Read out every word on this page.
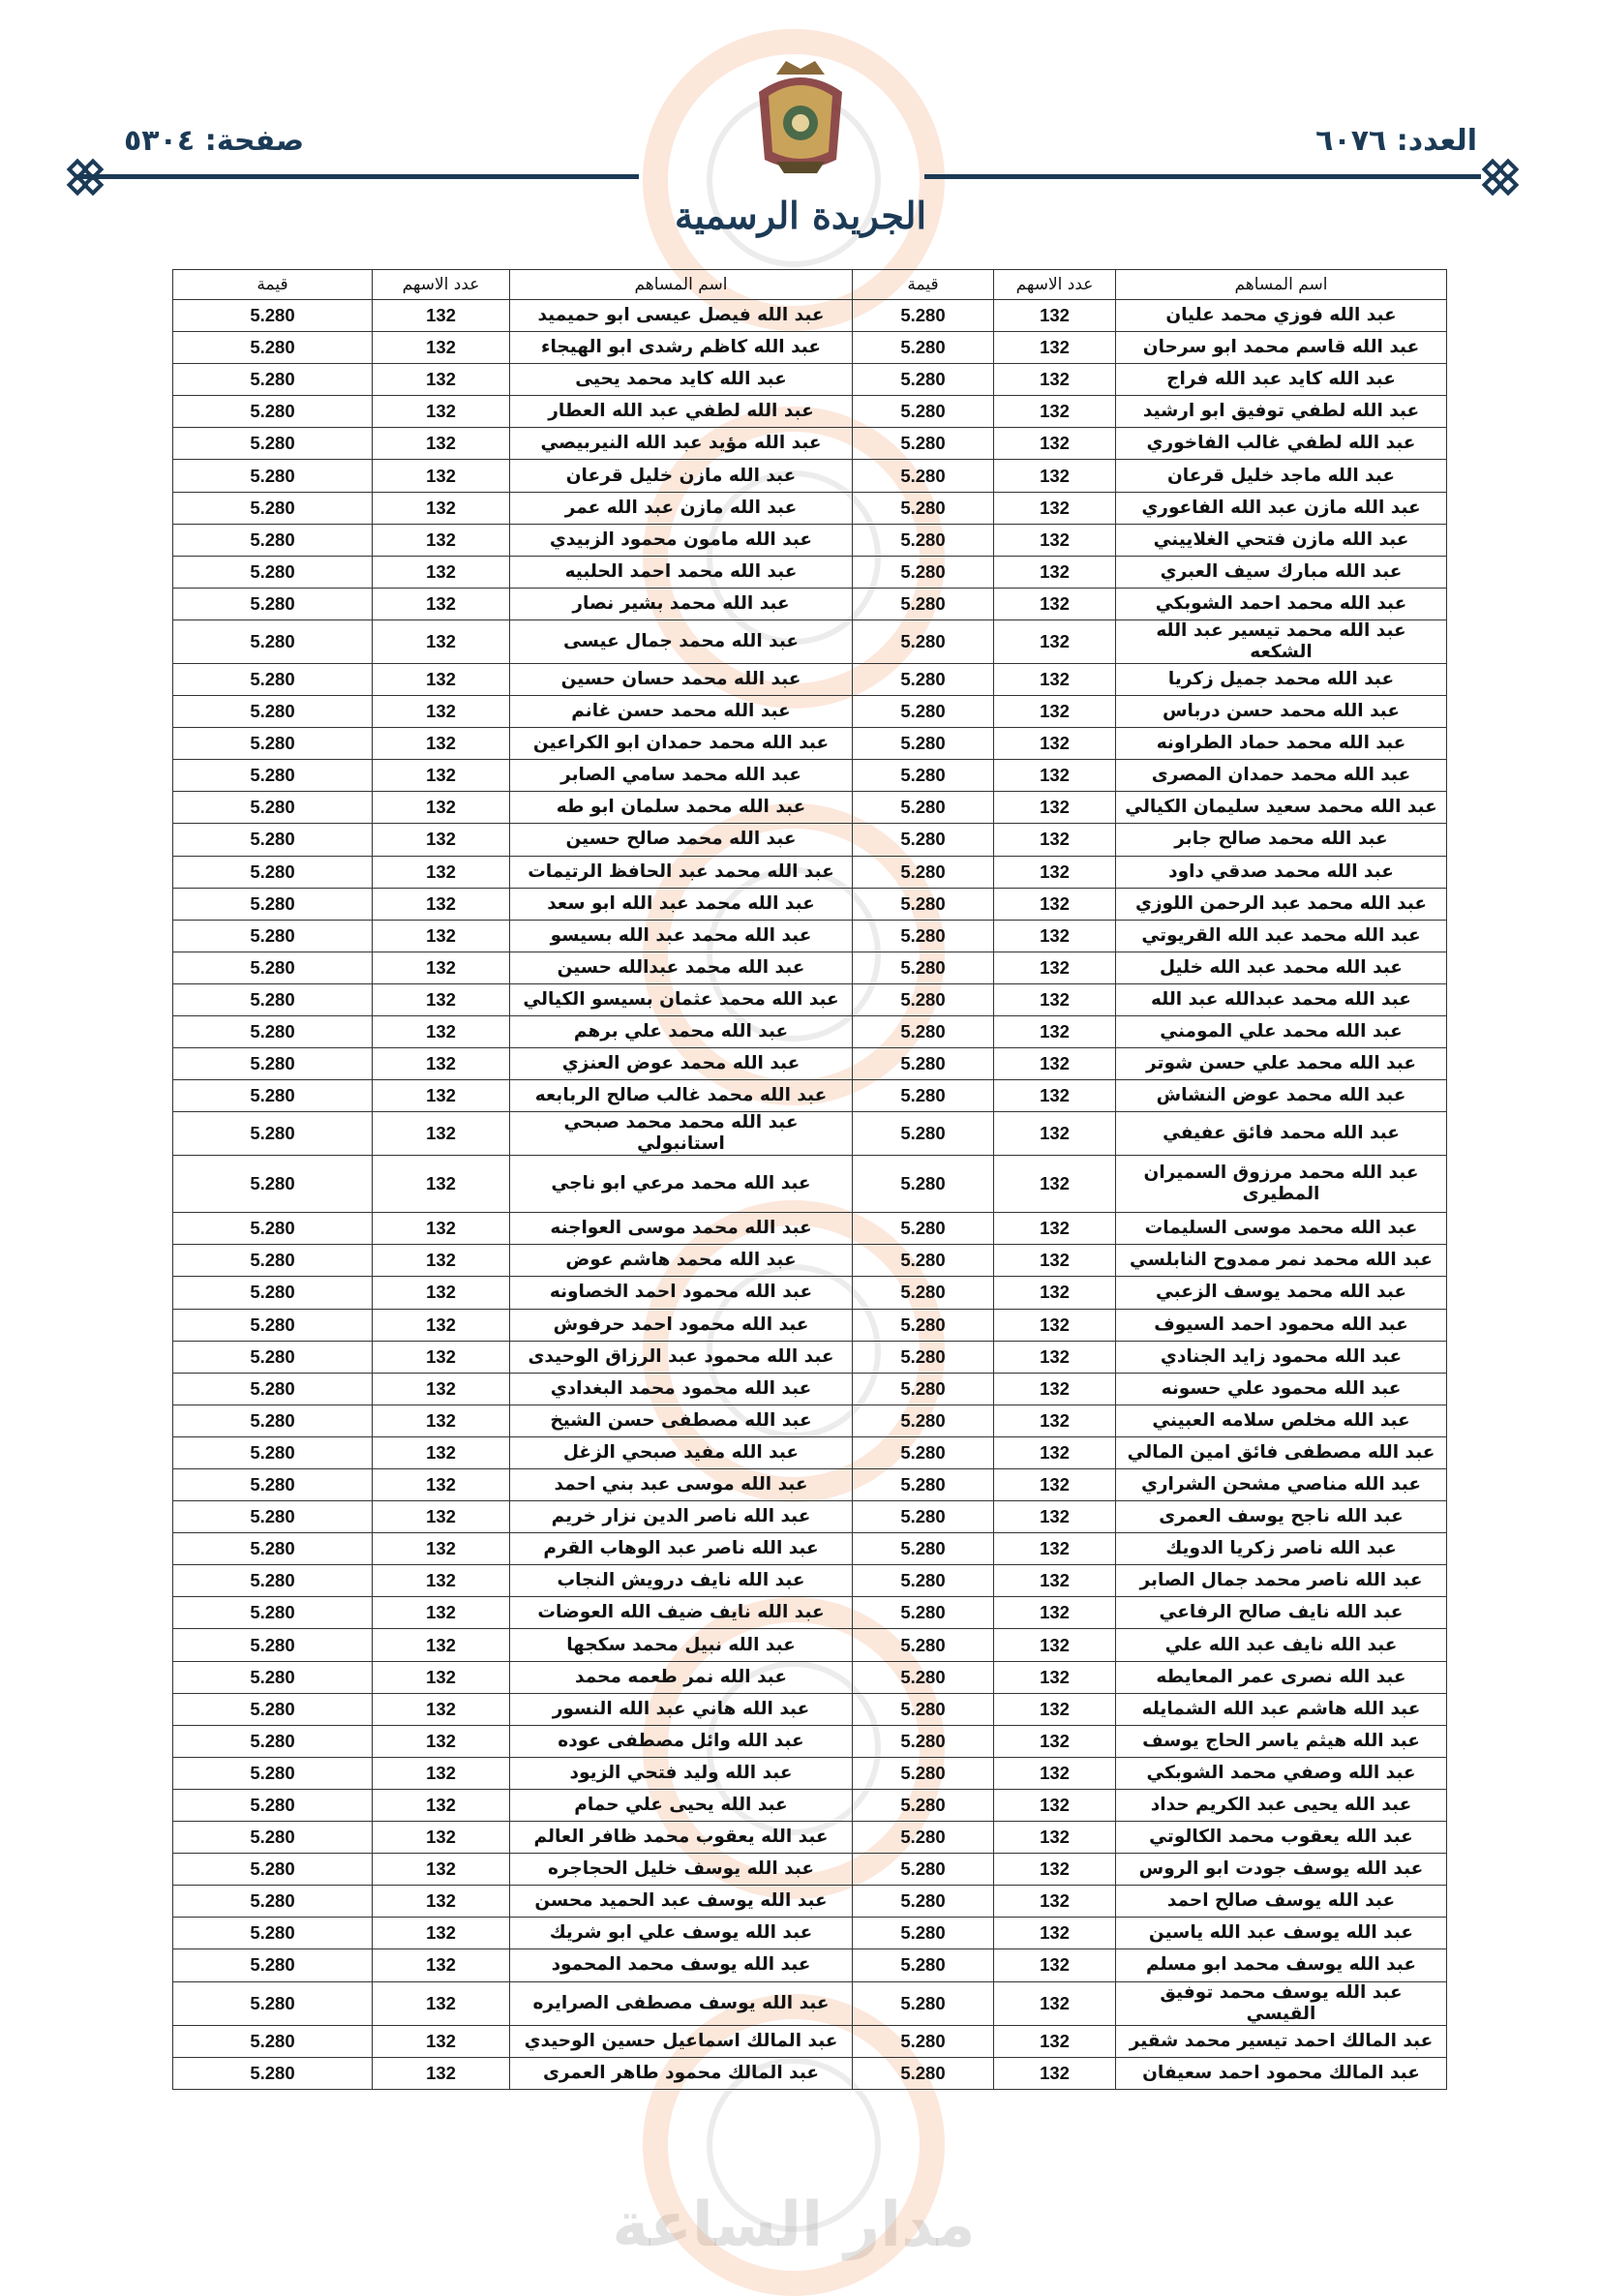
مدار الساعة
العدد: ٦٠٧٦
صفحة: ٥٣٠٤
الجريدة الرسمية
اسم المساهم	عدد الاسهم	قيمة	اسم المساهم	عدد الاسهم	قيمة
عبد الله فوزي محمد عليان	132	5.280	عبد الله فيصل عيسى ابو حميميد	132	5.280
عبد الله قاسم محمد ابو سرحان	132	5.280	عبد الله كاظم رشدى ابو الهيجاء	132	5.280
عبد الله كايد عبد الله فراج	132	5.280	عبد الله كايد محمد يحيى	132	5.280
عبد الله لطفي توفيق ابو ارشيد	132	5.280	عبد الله لطفي عبد الله العطار	132	5.280
عبد الله لطفي غالب الفاخوري	132	5.280	عبد الله مؤيد عبد الله النيربيصي	132	5.280
عبد الله ماجد خليل قرعان	132	5.280	عبد الله مازن خليل قرعان	132	5.280
عبد الله مازن عبد الله الفاعوري	132	5.280	عبد الله مازن عبد الله عمر	132	5.280
عبد الله مازن فتحي الغلاييني	132	5.280	عبد الله مامون محمود الزبيدي	132	5.280
عبد الله مبارك سيف العبري	132	5.280	عبد الله محمد احمد الحلبيه	132	5.280
عبد الله محمد احمد الشوبكي	132	5.280	عبد الله محمد بشير نصار	132	5.280
عبد الله محمد تيسير عبد الله الشكعه	132	5.280	عبد الله محمد جمال عيسى	132	5.280
عبد الله محمد جميل زكريا	132	5.280	عبد الله محمد حسان حسين	132	5.280
عبد الله محمد حسن درباس	132	5.280	عبد الله محمد حسن غانم	132	5.280
عبد الله محمد حماد الطراونه	132	5.280	عبد الله محمد حمدان ابو الكراعين	132	5.280
عبد الله محمد حمدان المصرى	132	5.280	عبد الله محمد سامي الصابر	132	5.280
عبد الله محمد سعيد سليمان الكيالي	132	5.280	عبد الله محمد سلمان ابو طه	132	5.280
عبد الله محمد صالح جابر	132	5.280	عبد الله محمد صالح حسين	132	5.280
عبد الله محمد صدقي داود	132	5.280	عبد الله محمد عبد الحافظ الرتيمات	132	5.280
عبد الله محمد عبد الرحمن اللوزي	132	5.280	عبد الله محمد عبد الله ابو سعد	132	5.280
عبد الله محمد عبد الله القريوتي	132	5.280	عبد الله محمد عبد الله بسيسو	132	5.280
عبد الله محمد عبد الله خليل	132	5.280	عبد الله محمد عبدالله حسين	132	5.280
عبد الله محمد عبدالله عبد الله	132	5.280	عبد الله محمد عثمان بسيسو الكيالي	132	5.280
عبد الله محمد علي المومني	132	5.280	عبد الله محمد علي برهم	132	5.280
عبد الله محمد علي حسن شوتر	132	5.280	عبد الله محمد عوض العنزي	132	5.280
عبد الله محمد عوض النشاش	132	5.280	عبد الله محمد غالب صالح الربابعه	132	5.280
عبد الله محمد فائق عفيفي	132	5.280	عبد الله محمد محمد صبحي استانبولي	132	5.280
عبد الله محمد مرزوق السميران المطيرى	132	5.280	عبد الله محمد مرعي ابو ناجي	132	5.280
عبد الله محمد موسى السليمات	132	5.280	عبد الله محمد موسى العواجنه	132	5.280
عبد الله محمد نمر ممدوح النابلسي	132	5.280	عبد الله محمد هاشم عوض	132	5.280
عبد الله محمد يوسف الزعبي	132	5.280	عبد الله محمود احمد الخصاونه	132	5.280
عبد الله محمود احمد السيوف	132	5.280	عبد الله محمود احمد حرفوش	132	5.280
عبد الله محمود زايد الجنادي	132	5.280	عبد الله محمود عبد الرزاق الوحيدى	132	5.280
عبد الله محمود علي حسونه	132	5.280	عبد الله محمود محمد البغدادي	132	5.280
عبد الله مخلص سلامه العبيني	132	5.280	عبد الله مصطفى حسن الشيخ	132	5.280
عبد الله مصطفى فائق امين المالي	132	5.280	عبد الله مفيد صبحي الزغل	132	5.280
عبد الله مناصي مشحن الشراري	132	5.280	عبد الله موسى عبد بني احمد	132	5.280
عبد الله ناجح يوسف العمرى	132	5.280	عبد الله ناصر الدين نزار خريم	132	5.280
عبد الله ناصر زكريا الدويك	132	5.280	عبد الله ناصر عبد الوهاب القرم	132	5.280
عبد الله ناصر محمد جمال الصابر	132	5.280	عبد الله نايف درويش النجاب	132	5.280
عبد الله نايف صالح الرفاعي	132	5.280	عبد الله نايف ضيف الله العوضات	132	5.280
عبد الله نايف عبد الله علي	132	5.280	عبد الله نبيل محمد سكجها	132	5.280
عبد الله نصرى عمر المعايطه	132	5.280	عبد الله نمر طعمه محمد	132	5.280
عبد الله هاشم عبد الله الشمايله	132	5.280	عبد الله هاني عبد الله النسور	132	5.280
عبد الله هيثم ياسر الحاج يوسف	132	5.280	عبد الله وائل مصطفى عوده	132	5.280
عبد الله وصفي محمد الشوبكي	132	5.280	عبد الله وليد فتحي الزيود	132	5.280
عبد الله يحيى عبد الكريم حداد	132	5.280	عبد الله يحيى علي حمام	132	5.280
عبد الله يعقوب محمد الكالوتي	132	5.280	عبد الله يعقوب محمد ظافر العالم	132	5.280
عبد الله يوسف جودت ابو الروس	132	5.280	عبد الله يوسف خليل الحجاجره	132	5.280
عبد الله يوسف صالح احمد	132	5.280	عبد الله يوسف عبد الحميد محسن	132	5.280
عبد الله يوسف عبد الله ياسين	132	5.280	عبد الله يوسف علي ابو شريك	132	5.280
عبد الله يوسف محمد ابو مسلم	132	5.280	عبد الله يوسف محمد المحمود	132	5.280
عبد الله يوسف محمد توفيق القيسي	132	5.280	عبد الله يوسف مصطفى الصرايره	132	5.280
عبد المالك احمد تيسير محمد شقير	132	5.280	عبد المالك اسماعيل حسين الوحيدي	132	5.280
عبد المالك محمود احمد سعيفان	132	5.280	عبد المالك محمود طاهر العمرى	132	5.280
